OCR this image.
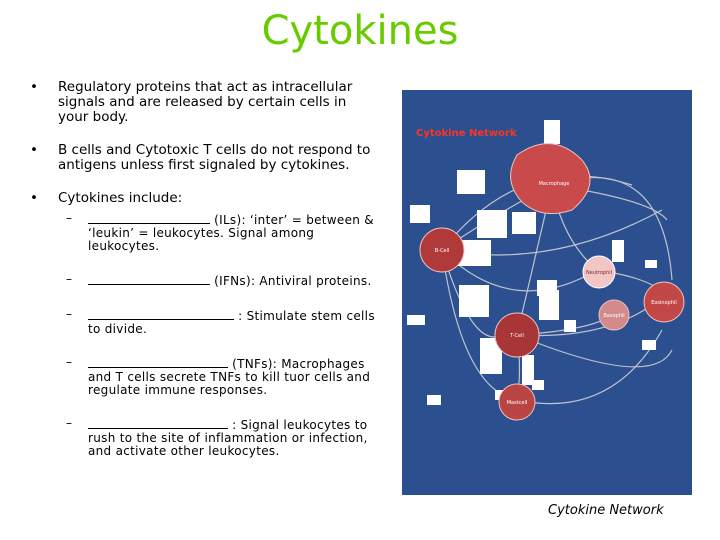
Cytokines
• Regulatory proteins that act as intracellular signals and are released by certain cells in your body.
• B cells and Cytotoxic T cells do not respond to antigens unless first signaled by cytokines.
• Cytokines include:
–	(ILs): ‘inter’ = between & ‘leukin’ = leukocytes. Signal among leukocytes.
–	(IFNs): Antiviral proteins.
–	: Stimulate stem cells to divide.
–	(TNFs): Macrophages and T cells secrete TNFs to kill tuor cells and regulate immune responses.
–	: Signal leukocytes to rush to the site of inflammation or infection, and activate other leukocytes.
Cytokine Network
Macrophage
B-Cell
Neutrophil
Eosinophil
Basophil
T-Cell
Mastcell
Cytokine Network
